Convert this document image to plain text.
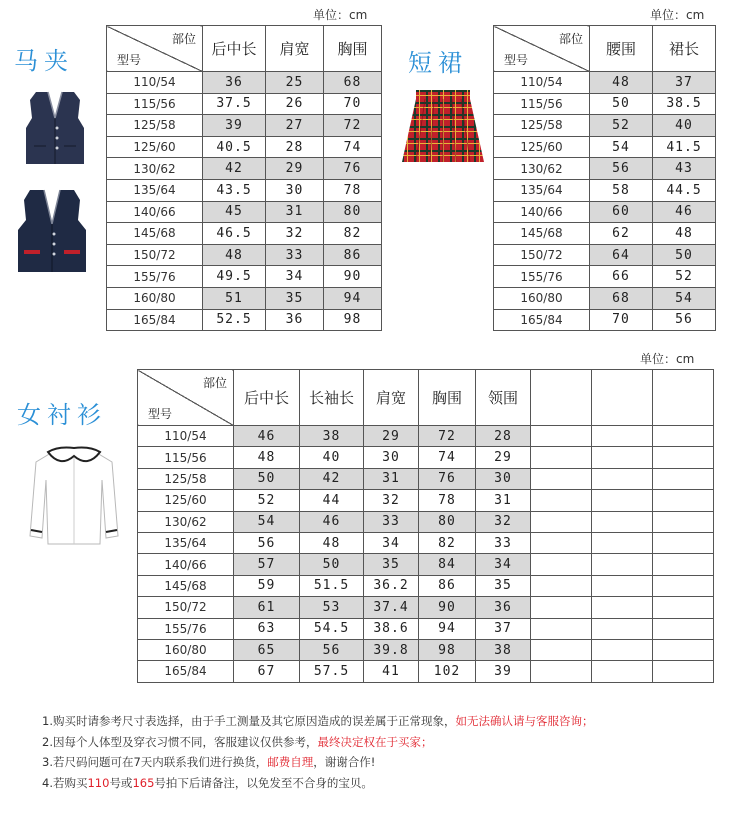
单位：cm	单位：cm
单位：cm
马夹	短裙
女衬衫
部位
型号	后中长	肩宽	胸围
110/54	36	25	68
115/56	37.5	26	70
125/58	39	27	72
125/60	40.5	28	74
130/62	42	29	76
135/64	43.5	30	78
140/66	45	31	80
145/68	46.5	32	82
150/72	48	33	86
155/76	49.5	34	90
160/80	51	35	94
165/84	52.5	36	98
部位
型号	腰围	裙长
110/54	48	37
115/56	50	38.5
125/58	52	40
125/60	54	41.5
130/62	56	43
135/64	58	44.5
140/66	60	46
145/68	62	48
150/72	64	50
155/76	66	52
160/80	68	54
165/84	70	56
部位
型号	后中长	长袖长	肩宽	胸围	领围			
110/54	46	38	29	72	28			
115/56	48	40	30	74	29			
125/58	50	42	31	76	30			
125/60	52	44	32	78	31			
130/62	54	46	33	80	32			
135/64	56	48	34	82	33			
140/66	57	50	35	84	34			
145/68	59	51.5	36.2	86	35			
150/72	61	53	37.4	90	36			
155/76	63	54.5	38.6	94	37			
160/80	65	56	39.8	98	38			
165/84	67	57.5	41	102	39			
1.购买时请参考尺寸表选择，由于手工测量及其它原因造成的误差属于正常现象，如无法确认请与客服咨询；
2.因每个人体型及穿衣习惯不同，客服建议仅供参考，最终决定权在于买家；
3.若尺码问题可在7天内联系我们进行换货，邮费自理，谢谢合作!
4.若购买110号或165号拍下后请备注，以免发至不合身的宝贝。
